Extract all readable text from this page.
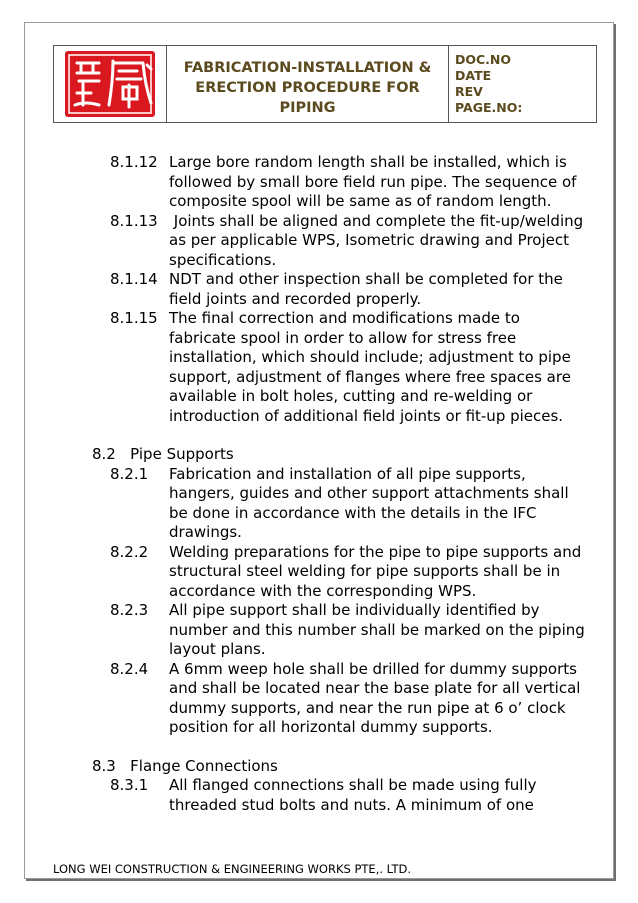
FABRICATION-INSTALLATION & ERECTION PROCEDURE FOR PIPING
DOC.NO
DATE
REV
PAGE.NO:
8.1.12 Large bore random length shall be installed, which is followed by small bore field run pipe. The sequence of composite spool will be same as of random length.
8.1.13 Joints shall be aligned and complete the fit-up/welding as per applicable WPS, Isometric drawing and Project specifications.
8.1.14 NDT and other inspection shall be completed for the field joints and recorded properly.
8.1.15 The final correction and modifications made to fabricate spool in order to allow for stress free installation, which should include; adjustment to pipe support, adjustment of flanges where free spaces are available in bolt holes, cutting and re-welding or introduction of additional field joints or fit-up pieces.
8.2 Pipe Supports
8.2.1 Fabrication and installation of all pipe supports, hangers, guides and other support attachments shall be done in accordance with the details in the IFC drawings.
8.2.2 Welding preparations for the pipe to pipe supports and structural steel welding for pipe supports shall be in accordance with the corresponding WPS.
8.2.3 All pipe support shall be individually identified by number and this number shall be marked on the piping layout plans.
8.2.4 A 6mm weep hole shall be drilled for dummy supports and shall be located near the base plate for all vertical dummy supports, and near the run pipe at 6 o’ clock position for all horizontal dummy supports.
8.3 Flange Connections
8.3.1 All flanged connections shall be made using fully threaded stud bolts and nuts. A minimum of one
LONG WEI CONSTRUCTION & ENGINEERING WORKS PTE,. LTD.
